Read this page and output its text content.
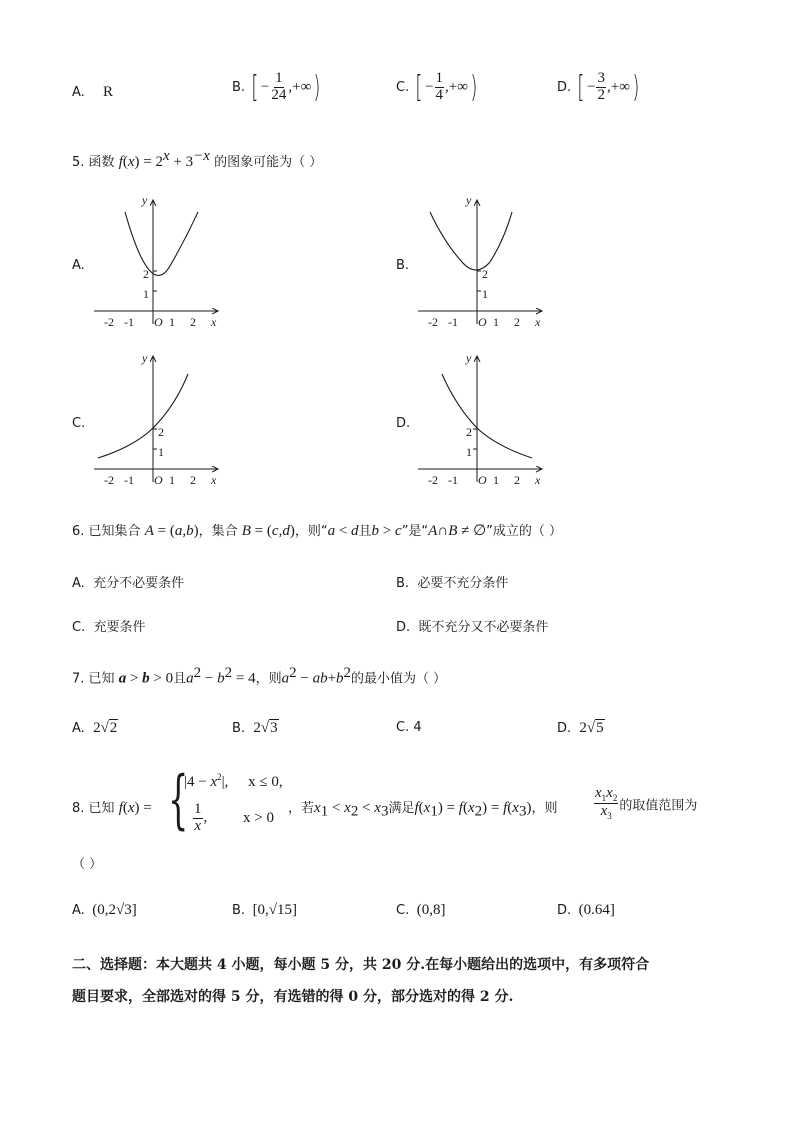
A. R	B. [ − $\frac{1}{24}$ ,+∞)	C. [ − $\frac{1}{4}$ ,+∞)	D. [ − $\frac{3}{2}$ ,+∞)
5. 函数 $f(x) = 2^x + 3^{-x}$ 的图象可能为（ ）
A.	B.
C.	D.
1
2
-2 -1 O 1 2 x
y
1
2
-2 -1 O 1 2 x
y
1
2
-2 -1 O 1 2 x
y
1
2
-2 -1 O 1 2 x
y
6. 已知集合 A = (a,b)，集合 B = (c,d)，则“a < d且b > c”是“A∩B ≠ ∅”成立的（ ）
A. 充分不必要条件	B. 必要不充分条件
C. 充要条件	D. 既不充分又不必要条件
7. 已知 a > b > 0且$a^2 - b^2 = 4$，则$a^2 - ab+b^2$的最小值为（ ）
A. 2√2	B. 2√3	C. 4	D. 2√5
8. 已知 f(x) = {
$|4 - x^2|$, x ≤ 0,
$\frac{1}{x}$ , x > 0
，若$x_1 < x_2 < x_3$满足$f(x_1) = f(x_2) = f(x_3)$，则 $\frac{x_1x_2}{x_3}$ 的取值范围为
（ ）
A. (0,2√3]	B. [0,√15]	C. (0,8]	D. (0.64]
二、选择题：本大题共 4 小题，每小题 5 分，共 20 分.在每小题给出的选项中，有多项符合
题目要求，全部选对的得 5 分，有选错的得 0 分，部分选对的得 2 分.
